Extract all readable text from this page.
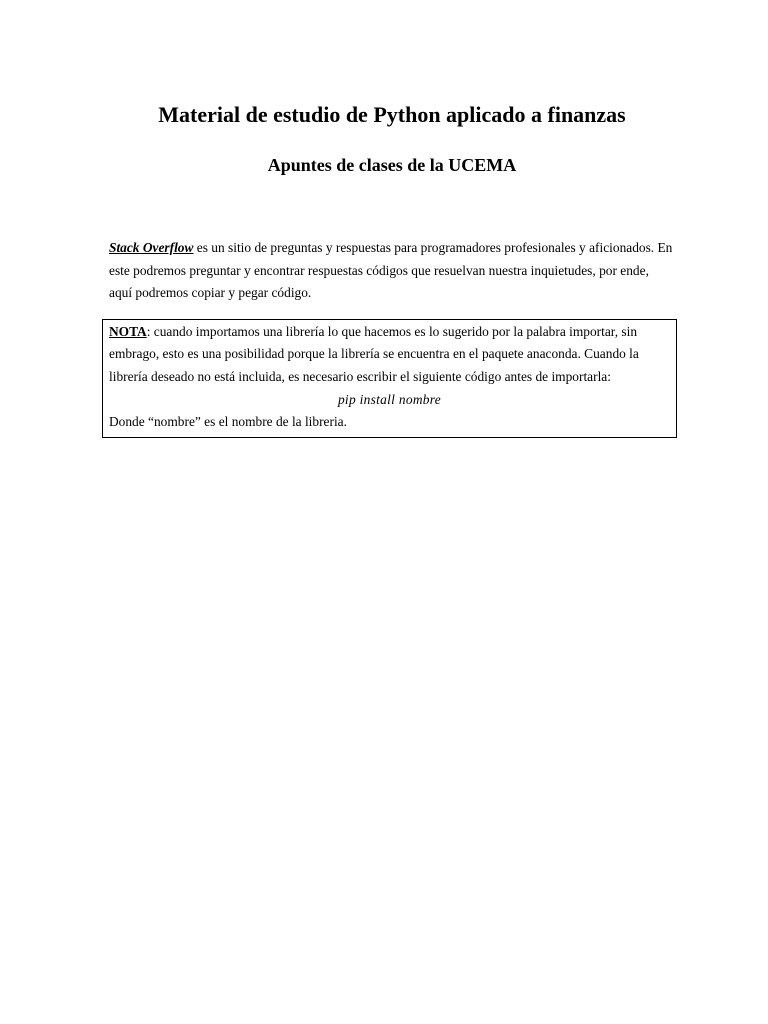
Material de estudio de Python aplicado a finanzas
Apuntes de clases de la UCEMA

Stack Overflow es un sitio de preguntas y respuestas para programadores profesionales y aficionados. En este podremos preguntar y encontrar respuestas códigos que resuelvan nuestra inquietudes, por ende, aquí podremos copiar y pegar código.

NOTA: cuando importamos una librería lo que hacemos es lo sugerido por la palabra importar, sin
embrago, esto es una posibilidad porque la librería se encuentra en el paquete anaconda. Cuando la
librería deseado no está incluida, es necesario escribir el siguiente código antes de importarla:
pip install nombre
Donde “nombre” es el nombre de la libreria.
